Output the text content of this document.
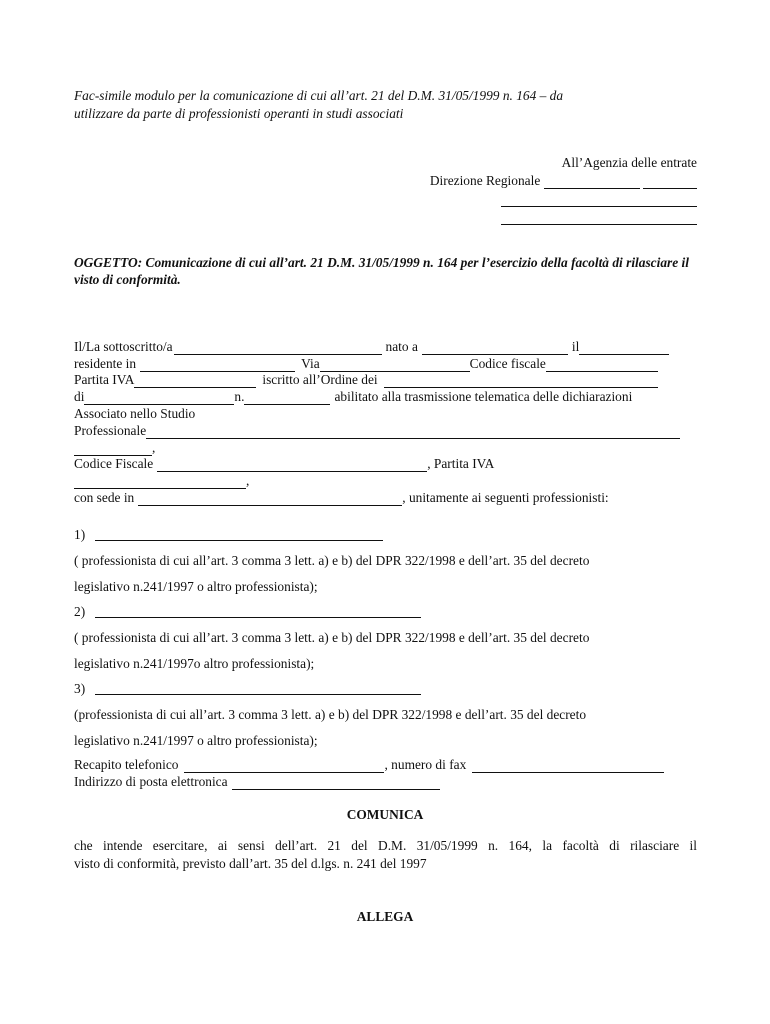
Fac-simile modulo per la comunicazione di cui all’art. 21 del D.M. 31/05/1999 n. 164 – da
utilizzare da parte di professionisti operanti in studi associati
All’Agenzia delle entrate
Direzione Regionale

OGGETTO: Comunicazione di cui all’art. 21 D.M. 31/05/1999 n. 164 per l’esercizio della facoltà di rilasciare il visto di conformità.
Il/La sottoscritto/a	nato a	il
residente in	Via	Codice fiscale
Partita IVA	iscritto all’Ordine dei
di	n.	abilitato alla trasmissione telematica delle dichiarazioni
Associato nello Studio
Professionale
,
Codice Fiscale	, Partita IVA
,
con sede in	, unitamente ai seguenti professionisti:
1)
( professionista di cui all’art. 3 comma 3 lett. a) e b) del DPR 322/1998 e dell’art. 35 del decreto
legislativo n.241/1997 o altro professionista);
2)
( professionista di cui all’art. 3 comma 3 lett. a) e b) del DPR 322/1998 e dell’art. 35 del decreto
legislativo n.241/1997o altro professionista);
3)
(professionista di cui all’art. 3 comma 3 lett. a) e b) del DPR 322/1998 e dell’art. 35 del decreto
legislativo n.241/1997 o altro professionista);
Recapito telefonico	, numero di fax
Indirizzo di posta elettronica
COMUNICA
che intende esercitare, ai sensi dell’art. 21 del D.M. 31/05/1999 n. 164, la facoltà di rilasciare il
visto di conformità, previsto dall’art. 35 del d.lgs. n. 241 del 1997
ALLEGA
